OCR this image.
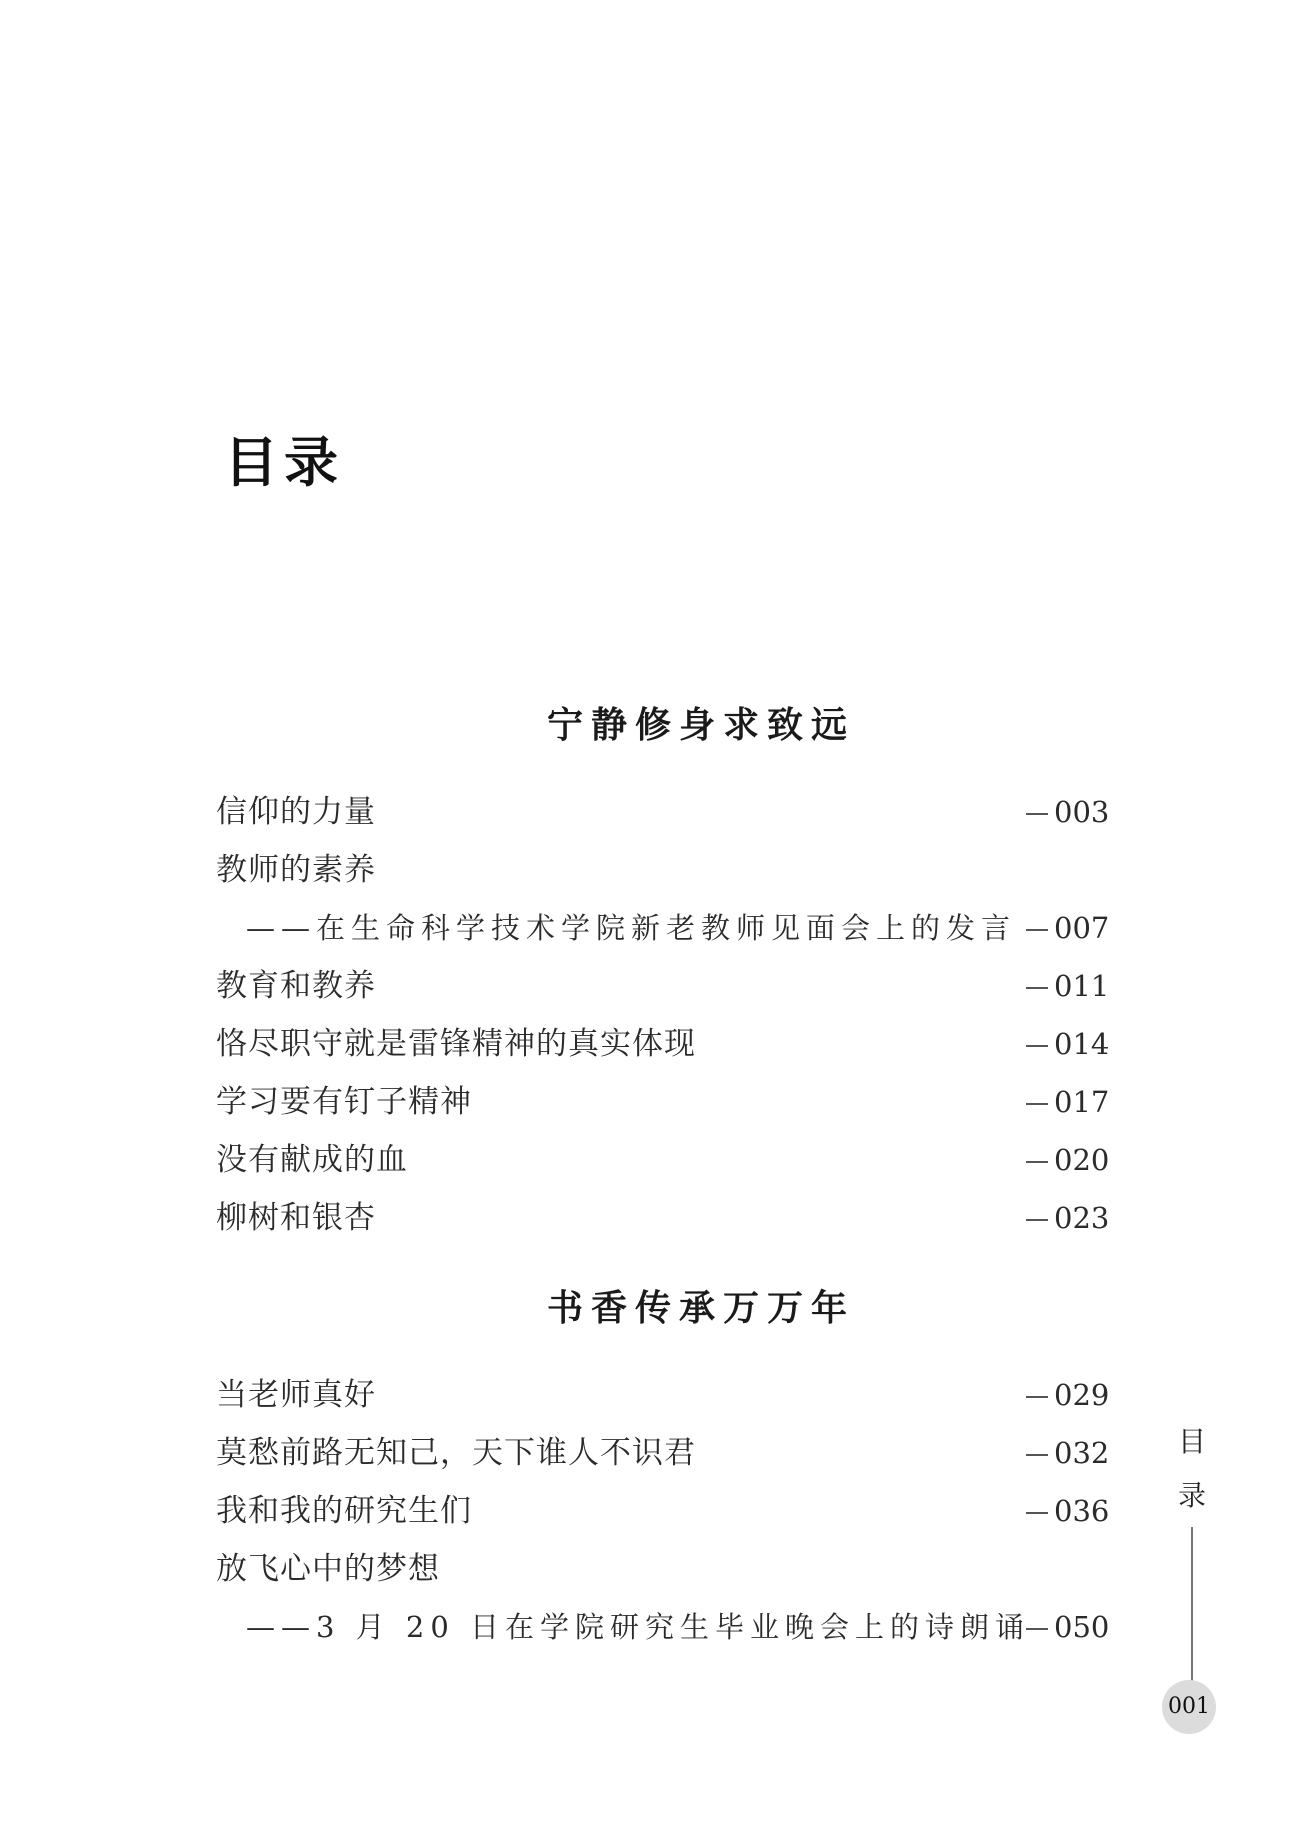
目录
宁静修身求致远
信仰的力量	003
教师的素养
——在生命科学技术学院新老教师见面会上的发言	007
教育和教养	011
恪尽职守就是雷锋精神的真实体现	014
学习要有钉子精神	017
没有献成的血	020
柳树和银杏	023
书香传承万万年
当老师真好	029
莫愁前路无知己，天下谁人不识君	032
我和我的研究生们	036
放飞心中的梦想
——3 月 20 日在学院研究生毕业晚会上的诗朗诵 050
目
录
001
